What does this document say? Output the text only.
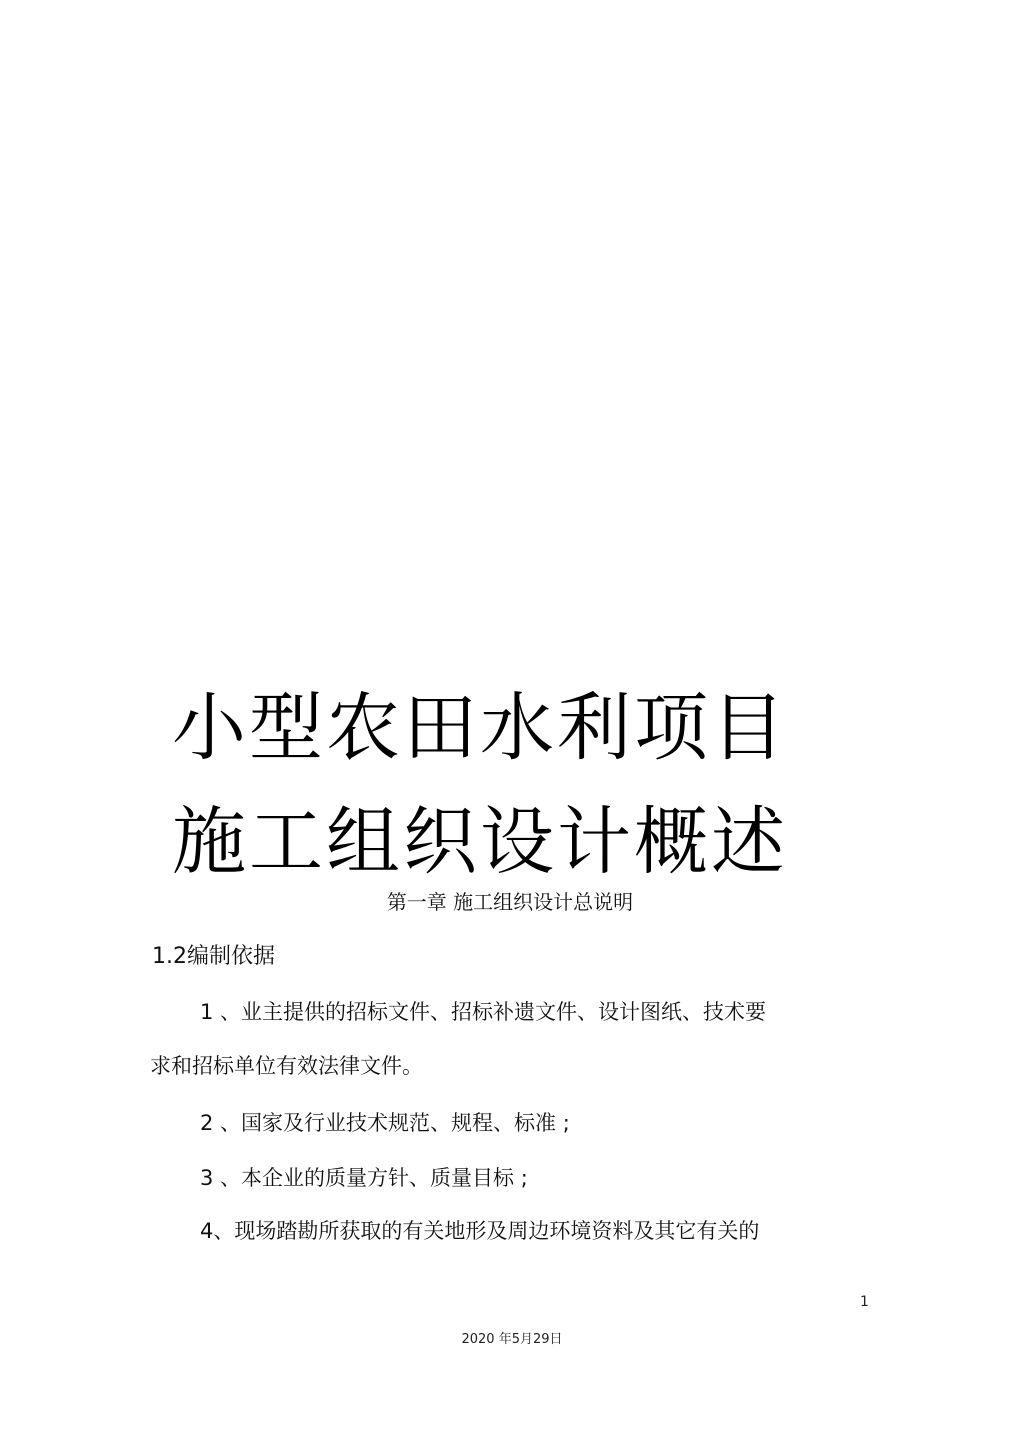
小型农田水利项目
施工组织设计概述
第一章 施工组织设计总说明
1.2编制依据
1 、业主提供的招标文件、招标补遗文件、设计图纸、技术要
求和招标单位有效法律文件。
2 、国家及行业技术规范、规程、标准 ;
3 、本企业的质量方针、质量目标 ;
4、现场踏勘所获取的有关地形及周边环境资料及其它有关的
1
2020 年5月29日
